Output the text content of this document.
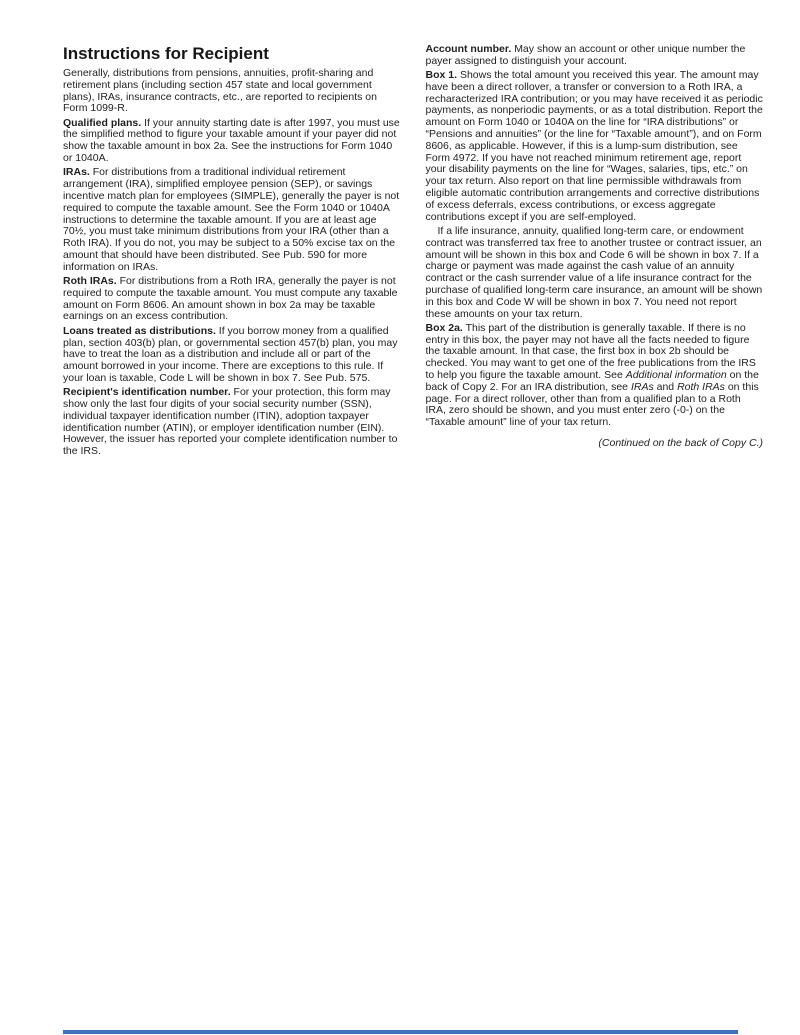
Instructions for Recipient

Generally, distributions from pensions, annuities, profit-sharing and retirement plans (including section 457 state and local government plans), IRAs, insurance contracts, etc., are reported to recipients on Form 1099-R.

Qualified plans. If your annuity starting date is after 1997, you must use the simplified method to figure your taxable amount if your payer did not show the taxable amount in box 2a. See the instructions for Form 1040 or 1040A.

IRAs. For distributions from a traditional individual retirement arrangement (IRA), simplified employee pension (SEP), or savings incentive match plan for employees (SIMPLE), generally the payer is not required to compute the taxable amount. See the Form 1040 or 1040A instructions to determine the taxable amount. If you are at least age 70½, you must take minimum distributions from your IRA (other than a Roth IRA). If you do not, you may be subject to a 50% excise tax on the amount that should have been distributed. See Pub. 590 for more information on IRAs.

Roth IRAs. For distributions from a Roth IRA, generally the payer is not required to compute the taxable amount. You must compute any taxable amount on Form 8606. An amount shown in box 2a may be taxable earnings on an excess contribution.

Loans treated as distributions. If you borrow money from a qualified plan, section 403(b) plan, or governmental section 457(b) plan, you may have to treat the loan as a distribution and include all or part of the amount borrowed in your income. There are exceptions to this rule. If your loan is taxable, Code L will be shown in box 7. See Pub. 575.

Recipient's identification number. For your protection, this form may show only the last four digits of your social security number (SSN), individual taxpayer identification number (ITIN), adoption taxpayer identification number (ATIN), or employer identification number (EIN). However, the issuer has reported your complete identification number to the IRS.

Account number. May show an account or other unique number the payer assigned to distinguish your account.

Box 1. Shows the total amount you received this year. The amount may have been a direct rollover, a transfer or conversion to a Roth IRA, a recharacterized IRA contribution; or you may have received it as periodic payments, as nonperiodic payments, or as a total distribution. Report the amount on Form 1040 or 1040A on the line for “IRA distributions” or “Pensions and annuities” (or the line for “Taxable amount”), and on Form 8606, as applicable. However, if this is a lump-sum distribution, see Form 4972. If you have not reached minimum retirement age, report your disability payments on the line for “Wages, salaries, tips, etc.” on your tax return. Also report on that line permissible withdrawals from eligible automatic contribution arrangements and corrective distributions of excess deferrals, excess contributions, or excess aggregate contributions except if you are self-employed.

If a life insurance, annuity, qualified long-term care, or endowment contract was transferred tax free to another trustee or contract issuer, an amount will be shown in this box and Code 6 will be shown in box 7. If a charge or payment was made against the cash value of an annuity contract or the cash surrender value of a life insurance contract for the purchase of qualified long-term care insurance, an amount will be shown in this box and Code W will be shown in box 7. You need not report these amounts on your tax return.

Box 2a. This part of the distribution is generally taxable. If there is no entry in this box, the payer may not have all the facts needed to figure the taxable amount. In that case, the first box in box 2b should be checked. You may want to get one of the free publications from the IRS to help you figure the taxable amount. See Additional information on the back of Copy 2. For an IRA distribution, see IRAs and Roth IRAs on this page. For a direct rollover, other than from a qualified plan to a Roth IRA, zero should be shown, and you must enter zero (-0-) on the “Taxable amount” line of your tax return.

(Continued on the back of Copy C.)
